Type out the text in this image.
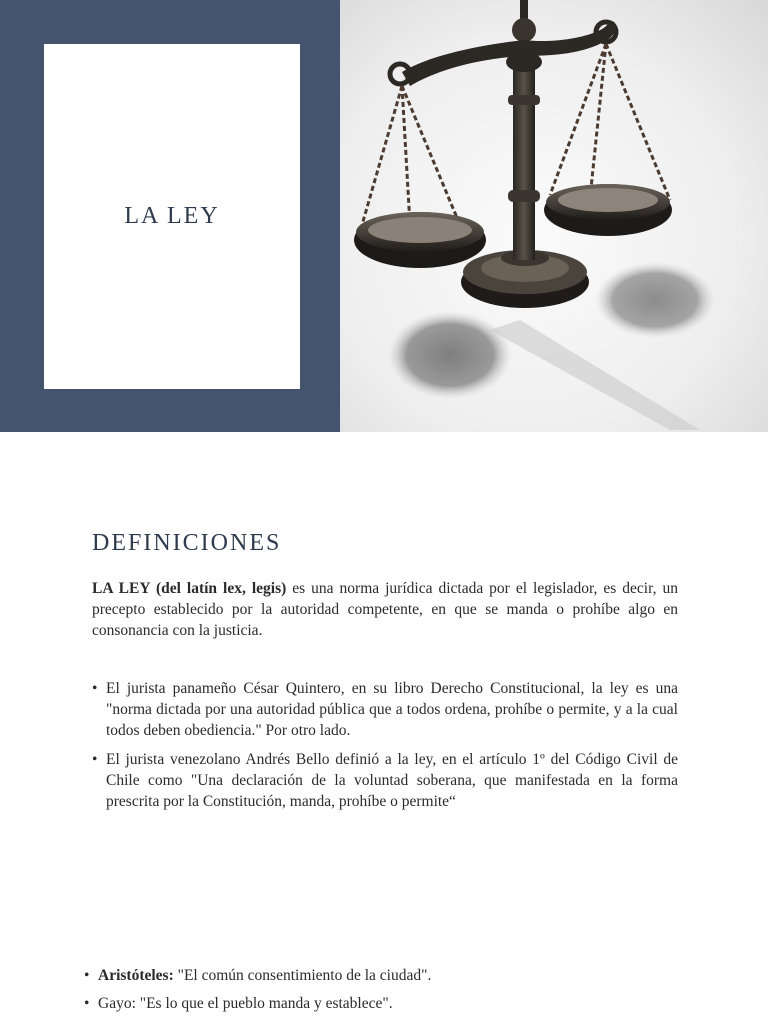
LA LEY
DEFINICIONES

LA LEY (del latín lex, legis) es una norma jurídica dictada por el legislador, es decir, un precepto establecido por la autoridad competente, en que se manda o prohíbe algo en consonancia con la justicia.

• El jurista panameño César Quintero, en su libro Derecho Constitucional, la ley es una "norma dictada por una autoridad pública que a todos ordena, prohíbe o permite, y a la cual todos deben obediencia." Por otro lado.
• El jurista venezolano Andrés Bello definió a la ley, en el artículo 1º del Código Civil de Chile como "Una declaración de la voluntad soberana, que manifestada en la forma prescrita por la Constitución, manda, prohíbe o permite“
• Aristóteles: "El común consentimiento de la ciudad".
• Gayo: "Es lo que el pueblo manda y establece".
